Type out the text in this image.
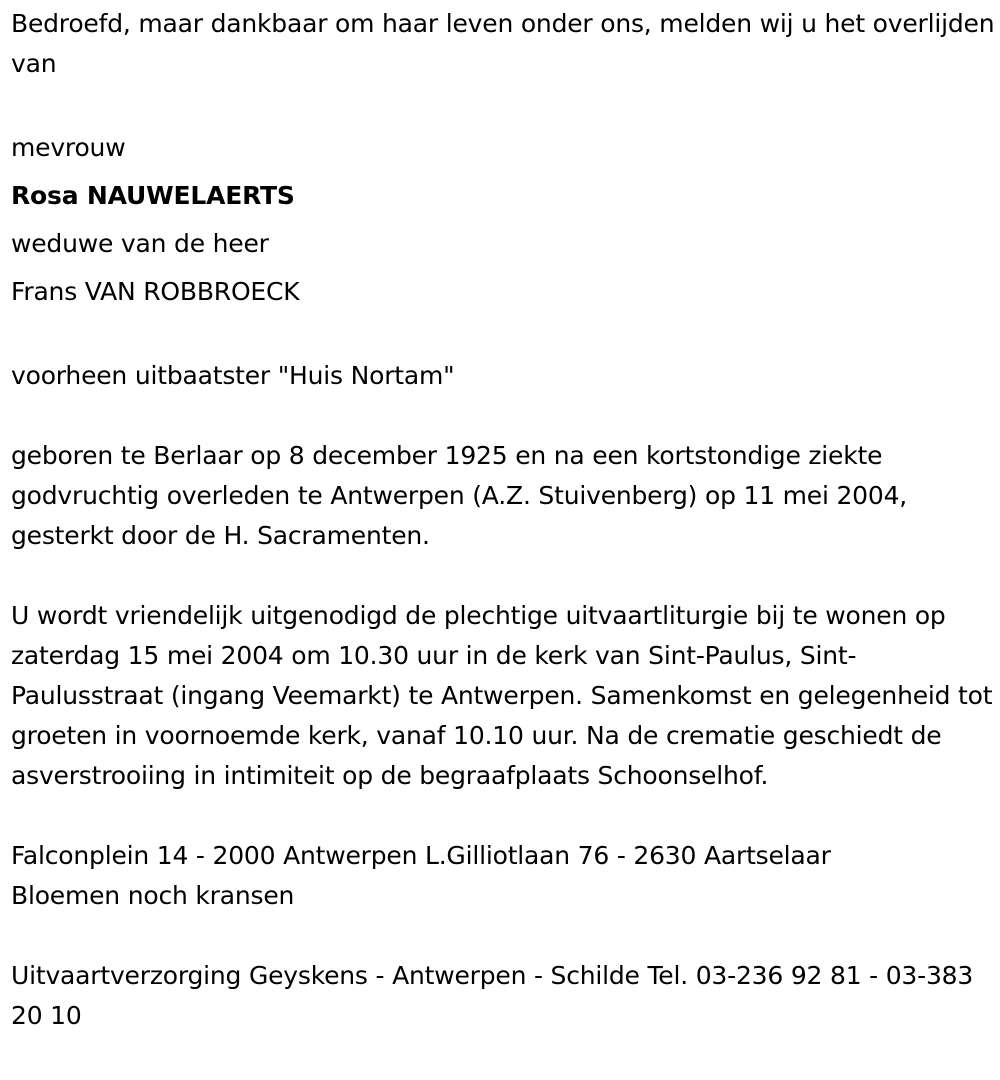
Bedroefd, maar dankbaar om haar leven onder ons, melden wij u het overlijden van

mevrouw

Rosa NAUWELAERTS

weduwe van de heer

Frans VAN ROBBROECK

voorheen uitbaatster "Huis Nortam"

geboren te Berlaar op 8 december 1925 en na een kortstondige ziekte godvruchtig overleden te Antwerpen (A.Z. Stuivenberg) op 11 mei 2004, gesterkt door de H. Sacramenten.

U wordt vriendelijk uitgenodigd de plechtige uitvaartliturgie bij te wonen op zaterdag 15 mei 2004 om 10.30 uur in de kerk van Sint-Paulus, Sint-Paulusstraat (ingang Veemarkt) te Antwerpen. Samenkomst en gelegenheid tot groeten in voornoemde kerk, vanaf 10.10 uur. Na de crematie geschiedt de asverstrooiing in intimiteit op de begraafplaats Schoonselhof.

Falconplein 14 - 2000 Antwerpen L.Gilliotlaan 76 - 2630 Aartselaar

Bloemen noch kransen

Uitvaartverzorging Geyskens - Antwerpen - Schilde Tel. 03-236 92 81 - 03-383 20 10
